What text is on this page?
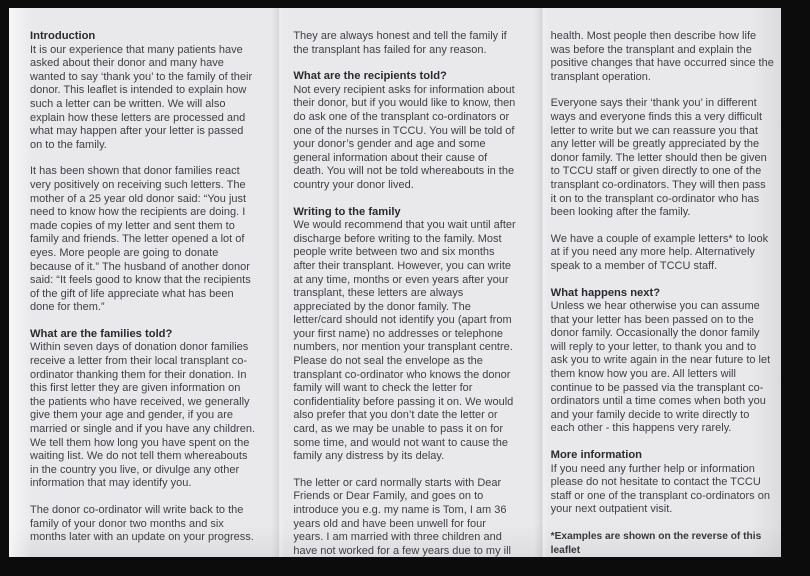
Introduction

It is our experience that many patients have asked about their donor and many have wanted to say ‘thank you’ to the family of their donor. This leaflet is intended to explain how such a letter can be written. We will also explain how these letters are processed and what may happen after your letter is passed on to the family.

It has been shown that donor families react very positively on receiving such letters. The mother of a 25 year old donor said: “You just need to know how the recipients are doing. I made copies of my letter and sent them to family and friends. The letter opened a lot of eyes. More people are going to donate because of it.” The husband of another donor said: “It feels good to know that the recipients of the gift of life appreciate what has been done for them.”

What are the families told?

Within seven days of donation donor families receive a letter from their local transplant co-ordinator thanking them for their donation. In this first letter they are given information on the patients who have received, we generally give them your age and gender, if you are married or single and if you have any children. We tell them how long you have spent on the waiting list. We do not tell them whereabouts in the country you live, or divulge any other information that may identify you.

The donor co-ordinator will write back to the family of your donor two months and six months later with an update on your progress.

They are always honest and tell the family if the transplant has failed for any reason.

What are the recipients told?

Not every recipient asks for information about their donor, but if you would like to know, then do ask one of the transplant co-ordinators or one of the nurses in TCCU. You will be told of your donor’s gender and age and some general information about their cause of death. You will not be told whereabouts in the country your donor lived.

Writing to the family

We would recommend that you wait until after discharge before writing to the family. Most people write between two and six months after their transplant. However, you can write at any time, months or even years after your transplant, these letters are always appreciated by the donor family. The letter/card should not identify you (apart from your first name) no addresses or telephone numbers, nor mention your transplant centre. Please do not seal the envelope as the transplant co-ordinator who knows the donor family will want to check the letter for confidentiality before passing it on. We would also prefer that you don’t date the letter or card, as we may be unable to pass it on for some time, and would not want to cause the family any distress by its delay.

The letter or card normally starts with Dear Friends or Dear Family, and goes on to introduce you e.g. my name is Tom, I am 36 years old and have been unwell for four years. I am married with three children and have not worked for a few years due to my ill

health. Most people then describe how life was before the transplant and explain the positive changes that have occurred since the transplant operation.

Everyone says their ‘thank you’ in different ways and everyone finds this a very difficult letter to write but we can reassure you that any letter will be greatly appreciated by the donor family. The letter should then be given to TCCU staff or given directly to one of the transplant co-ordinators. They will then pass it on to the transplant co-ordinator who has been looking after the family.

We have a couple of example letters* to look at if you need any more help. Alternatively speak to a member of TCCU staff.

What happens next?

Unless we hear otherwise you can assume that your letter has been passed on to the donor family. Occasionally the donor family will reply to your letter, to thank you and to ask you to write again in the near future to let them know how you are. All letters will continue to be passed via the transplant co-ordinators until a time comes when both you and your family decide to write directly to each other - this happens very rarely.

More information

If you need any further help or information please do not hesitate to contact the TCCU staff or one of the transplant co-ordinators on your next outpatient visit.

*Examples are shown on the reverse of this leaflet
